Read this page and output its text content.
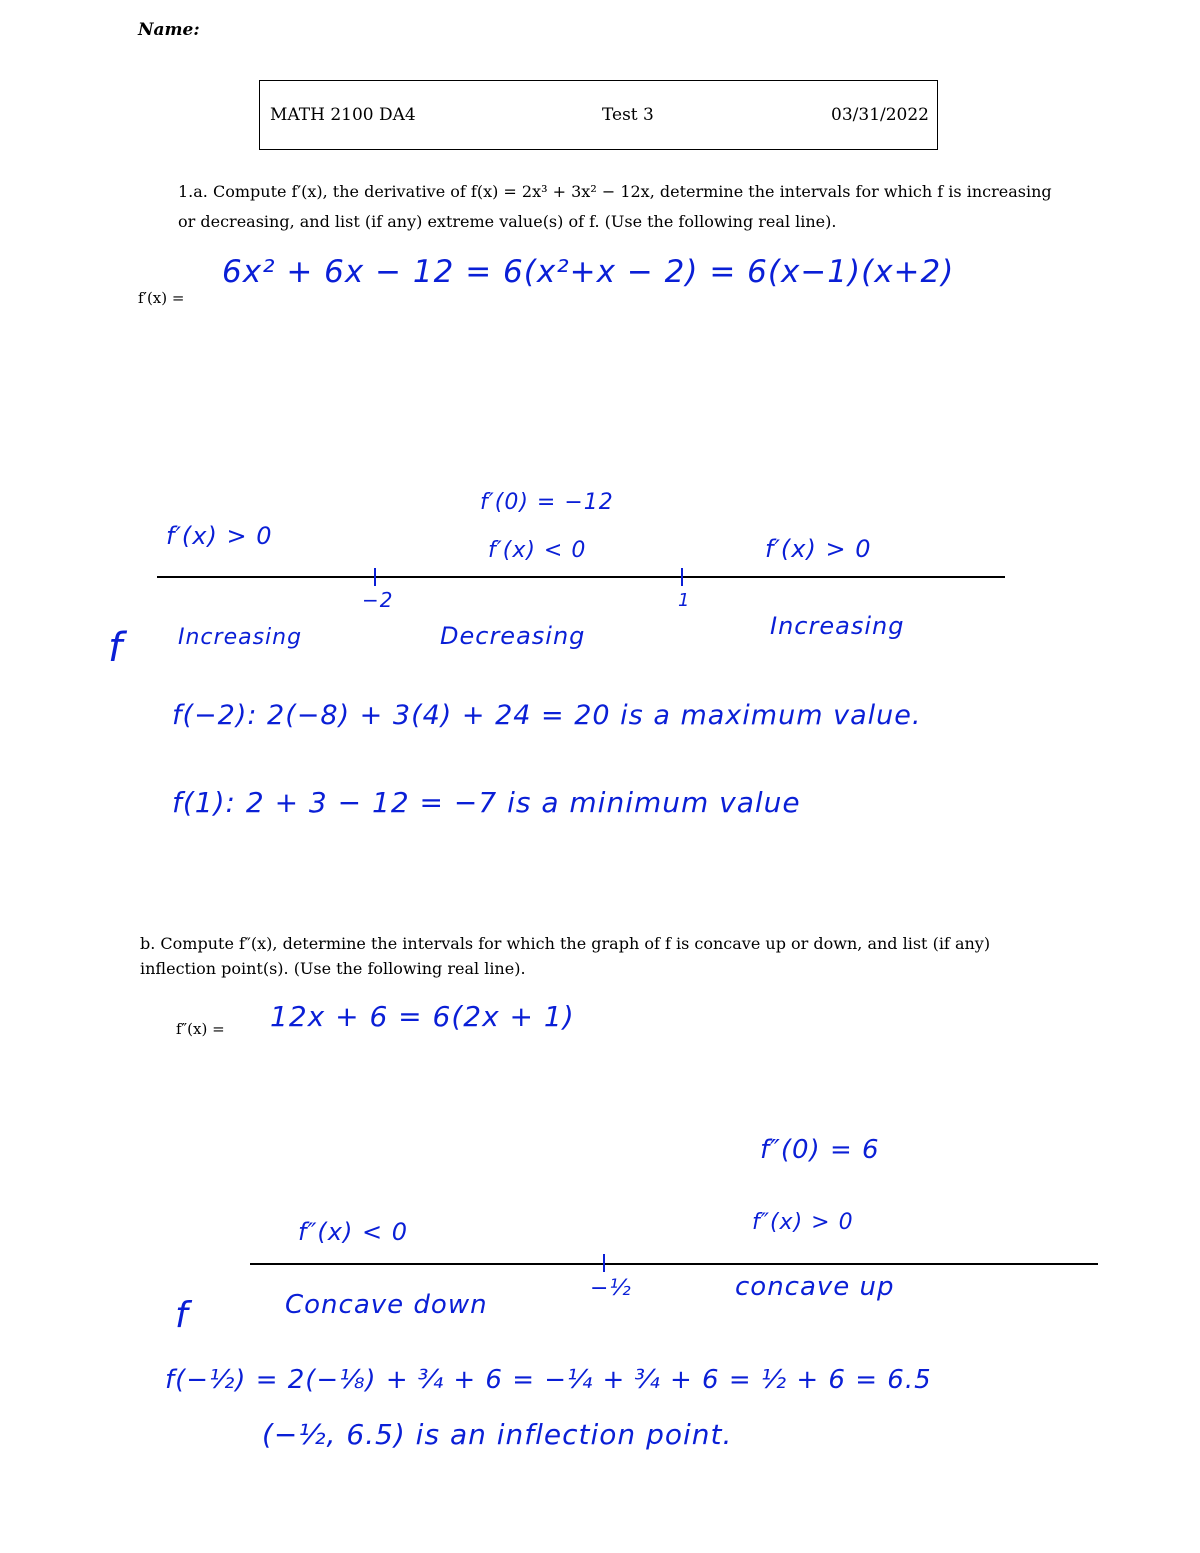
Name:
MATH 2100 DA4	Test 3	03/31/2022
1.a. Compute f′(x), the derivative of f(x) = 2x³ + 3x² − 12x, determine the intervals for which f is increasing
or decreasing, and list (if any) extreme value(s) of f. (Use the following real line).
f′(x) =
6x² + 6x − 12 = 6(x²+x − 2) = 6(x−1)(x+2)
f′(0) = −12
f′(x) > 0
f′(x) < 0	f′(x) > 0
−2	1
f Increasing	Decreasing	Increasing
f(−2): 2(−8) + 3(4) + 24 = 20 is a maximum value.
f(1): 2 + 3 − 12 = −7 is a minimum value
b. Compute f″(x), determine the intervals for which the graph of f is concave up or down, and list (if any)
inflection point(s). (Use the following real line).
f″(x) = 12x + 6 = 6(2x + 1)
f″(0) = 6
f″(x) < 0	f″(x) > 0
−½
f	Concave down
concave up
f(−½) = 2(−⅛) + ¾ + 6 = −¼ + ¾ + 6 = ½ + 6 = 6.5
(−½, 6.5) is an inflection point.
